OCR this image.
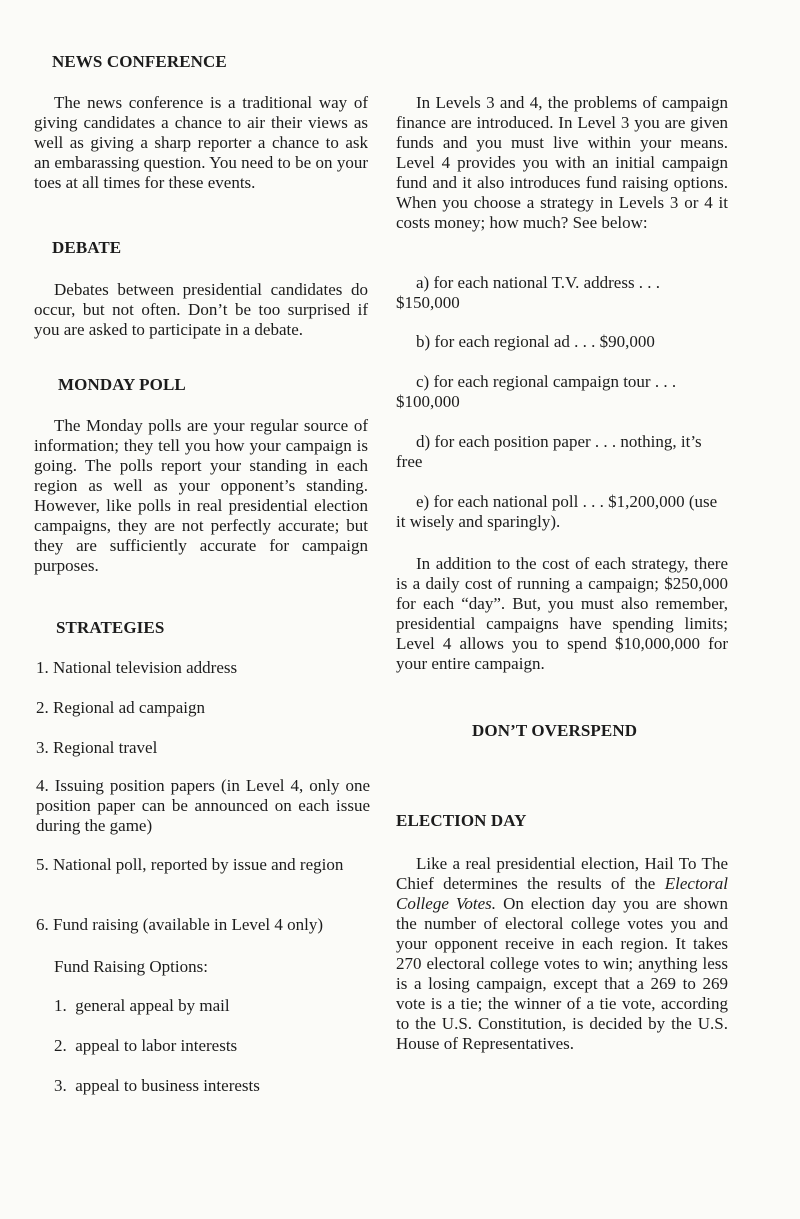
NEWS CONFERENCE

The news conference is a traditional way of giving candidates a chance to air their views as well as giving a sharp reporter a chance to ask an embarassing question. You need to be on your toes at all times for these events.

DEBATE

Debates between presidential candidates do occur, but not often. Don’t be too surprised if you are asked to participate in a debate.

MONDAY POLL

The Monday polls are your regular source of information; they tell you how your campaign is going. The polls report your standing in each region as well as your opponent’s standing. However, like polls in real presidential election campaigns, they are not perfectly accurate; but they are sufficiently accurate for campaign purposes.

STRATEGIES

1. National television address

2. Regional ad campaign

3. Regional travel

4. Issuing position papers (in Level 4, only one position paper can be announced on each issue during the game)

5. National poll, reported by issue and region

6. Fund raising (available in Level 4 only)

Fund Raising Options:

1.  general appeal by mail

2.  appeal to labor interests

3.  appeal to business interests

In Levels 3 and 4, the problems of campaign finance are introduced. In Level 3 you are given funds and you must live within your means. Level 4 provides you with an initial campaign fund and it also introduces fund raising options. When you choose a strategy in Levels 3 or 4 it costs money; how much? See below:

a) for each national T.V. address . . . $150,000

b) for each regional ad . . . $90,000

c) for each regional campaign tour . . . $100,000

d) for each position paper . . . nothing, it’s free

e) for each national poll . . . $1,200,000 (use it wisely and sparingly).

In addition to the cost of each strategy, there is a daily cost of running a campaign; $250,000 for each “day”. But, you must also remember, presidential campaigns have spending limits; Level 4 allows you to spend $10,000,000 for your entire campaign.

DON’T OVERSPEND
ELECTION DAY

Like a real presidential election, Hail To The Chief determines the results of the Electoral College Votes. On election day you are shown the number of electoral college votes you and your opponent receive in each region. It takes 270 electoral college votes to win; anything less is a losing campaign, except that a 269 to 269 vote is a tie; the winner of a tie vote, according to the U.S. Constitution, is decided by the U.S. House of Representatives.
